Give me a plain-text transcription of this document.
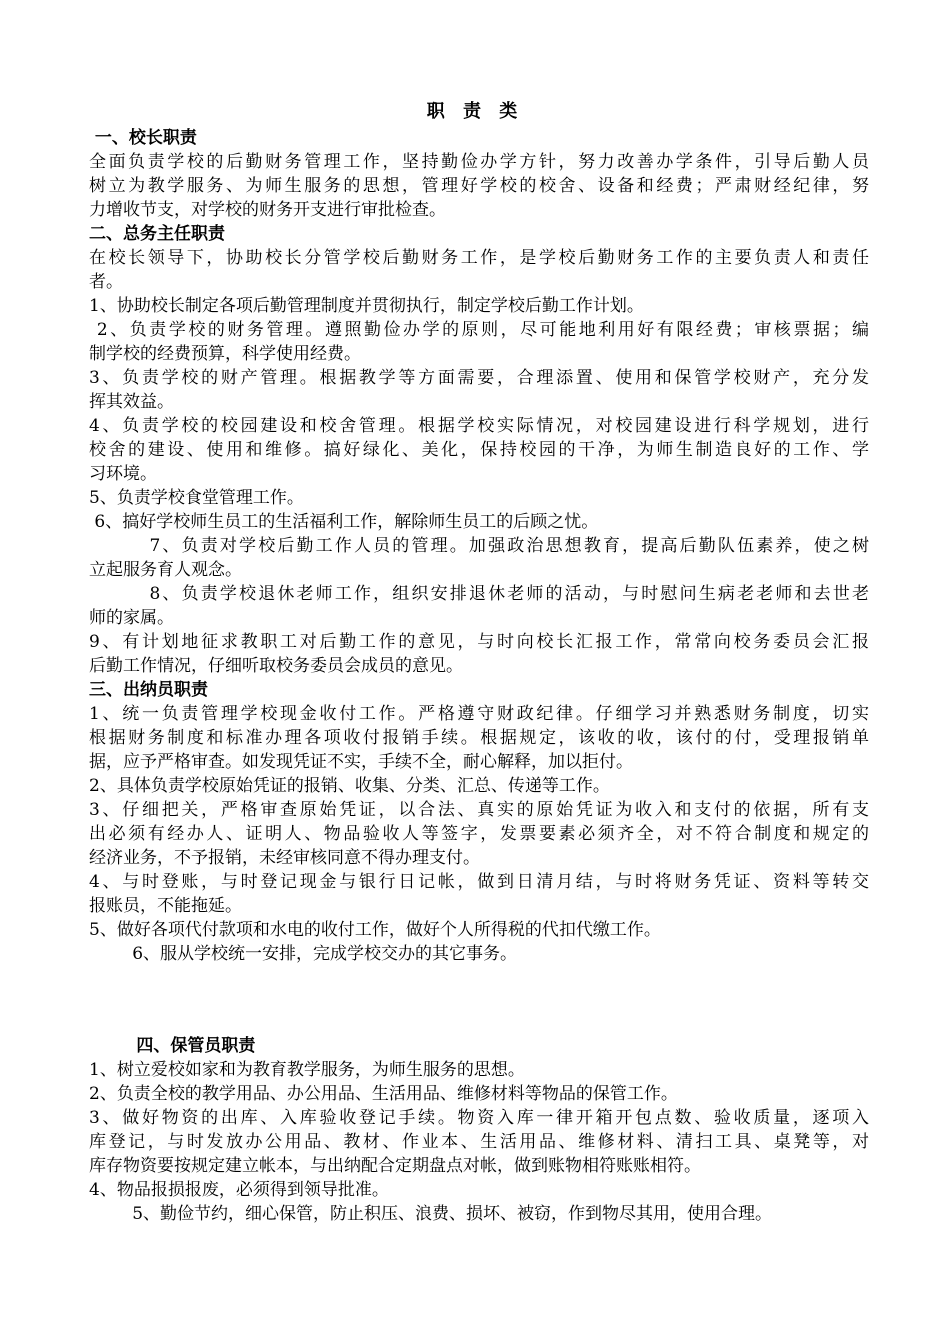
职 责 类
一、校长职责
全面负责学校的后勤财务管理工作，坚持勤俭办学方针，努力改善办学条件，引导后勤人员
树立为教学服务、为师生服务的思想，管理好学校的校舍、设备和经费；严肃财经纪律，努
力增收节支，对学校的财务开支进行审批检查。
二、总务主任职责
在校长领导下，协助校长分管学校后勤财务工作，是学校后勤财务工作的主要负责人和责任
者。
1、协助校长制定各项后勤管理制度并贯彻执行，制定学校后勤工作计划。
2、负责学校的财务管理。遵照勤俭办学的原则，尽可能地利用好有限经费；审核票据；编
制学校的经费预算，科学使用经费。
3、负责学校的财产管理。根据教学等方面需要，合理添置、使用和保管学校财产，充分发
挥其效益。
4、负责学校的校园建设和校舍管理。根据学校实际情况，对校园建设进行科学规划，进行
校舍的建设、使用和维修。搞好绿化、美化，保持校园的干净，为师生制造良好的工作、学
习环境。
5、负责学校食堂管理工作。
6、搞好学校师生员工的生活福利工作，解除师生员工的后顾之忧。
7、负责对学校后勤工作人员的管理。加强政治思想教育，提高后勤队伍素养，使之树
立起服务育人观念。
8、负责学校退休老师工作，组织安排退休老师的活动，与时慰问生病老老师和去世老
师的家属。
9、有计划地征求教职工对后勤工作的意见，与时向校长汇报工作，常常向校务委员会汇报
后勤工作情况，仔细听取校务委员会成员的意见。
三、出纳员职责
1、统一负责管理学校现金收付工作。严格遵守财政纪律。仔细学习并熟悉财务制度，切实
根据财务制度和标准办理各项收付报销手续。根据规定，该收的收，该付的付，受理报销单
据，应予严格审查。如发现凭证不实，手续不全，耐心解释，加以拒付。
2、具体负责学校原始凭证的报销、收集、分类、汇总、传递等工作。
3、仔细把关，严格审查原始凭证，以合法、真实的原始凭证为收入和支付的依据，所有支
出必须有经办人、证明人、物品验收人等签字，发票要素必须齐全，对不符合制度和规定的
经济业务，不予报销，未经审核同意不得办理支付。
4、与时登账，与时登记现金与银行日记帐，做到日清月结，与时将财务凭证、资料等转交
报账员，不能拖延。
5、做好各项代付款项和水电的收付工作，做好个人所得税的代扣代缴工作。
6、服从学校统一安排，完成学校交办的其它事务。
四、保管员职责
1、树立爱校如家和为教育教学服务，为师生服务的思想。
2、负责全校的教学用品、办公用品、生活用品、维修材料等物品的保管工作。
3、做好物资的出库、入库验收登记手续。物资入库一律开箱开包点数、验收质量，逐项入
库登记，与时发放办公用品、教材、作业本、生活用品、维修材料、清扫工具、桌凳等，对
库存物资要按规定建立帐本，与出纳配合定期盘点对帐，做到账物相符账账相符。
4、物品报损报废，必须得到领导批准。
5、勤俭节约，细心保管，防止积压、浪费、损坏、被窃，作到物尽其用，使用合理。
